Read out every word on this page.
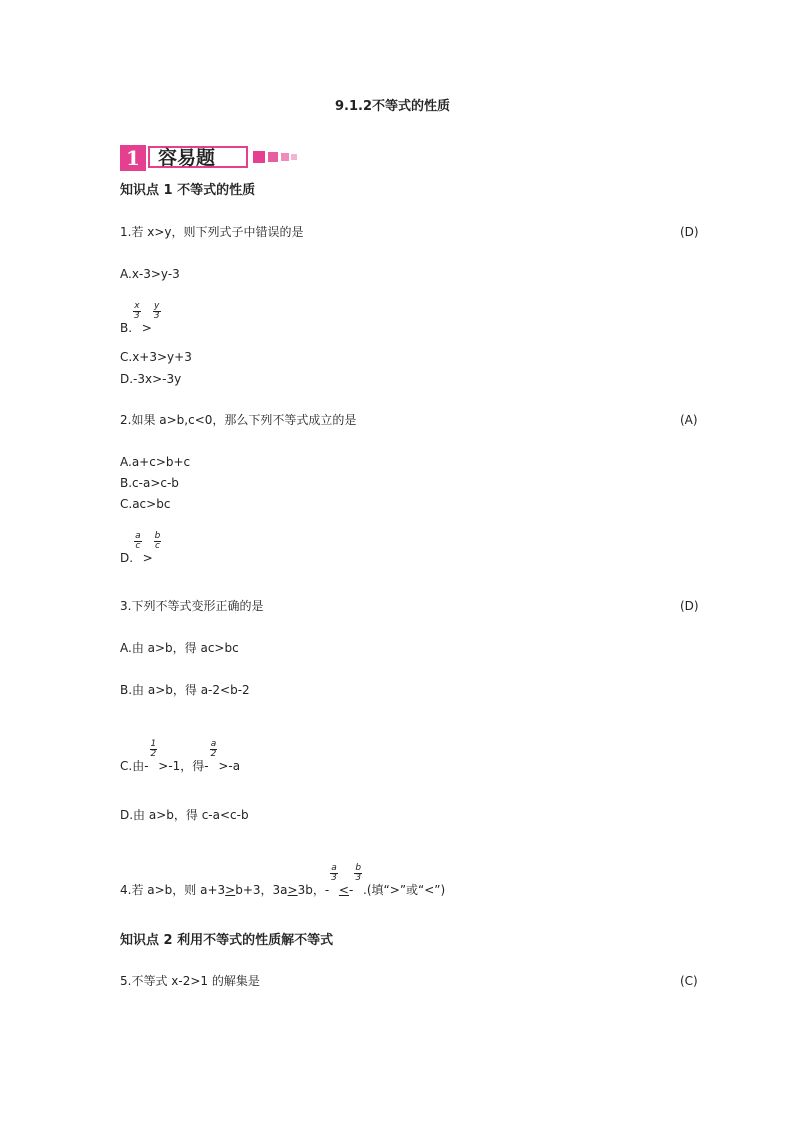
9.1.2不等式的性质
1 容易题
知识点 1 不等式的性质
1.若 x>y，则下列式子中错误的是	(D)
A.x-3>y-3
B.
$\frac{x}{3}$
>
$\frac{y}{3}$
C.x+3>y+3
D.-3x>-3y
2.如果 a>b,c<0，那么下列不等式成立的是	(A)
A.a+c>b+c
B.c-a>c-b
C.ac>bc
D.
$\frac{a}{c}$
>
$\frac{b}{c}$
3.下列不等式变形正确的是	(D)
A.由 a>b，得 ac>bc
B.由 a>b，得 a-2<b-2
C.由-
$\frac{1}{2}$
>-1，得-
$\frac{a}{2}$
>-a
D.由 a>b，得 c-a<c-b
4.若 a>b，则 a+3>b+3，3a>3b，-
$\frac{a}{3}$
<-
$\frac{b}{3}$
.(填“>”或“<”)
知识点 2 利用不等式的性质解不等式
5.不等式 x-2>1 的解集是	(C)
